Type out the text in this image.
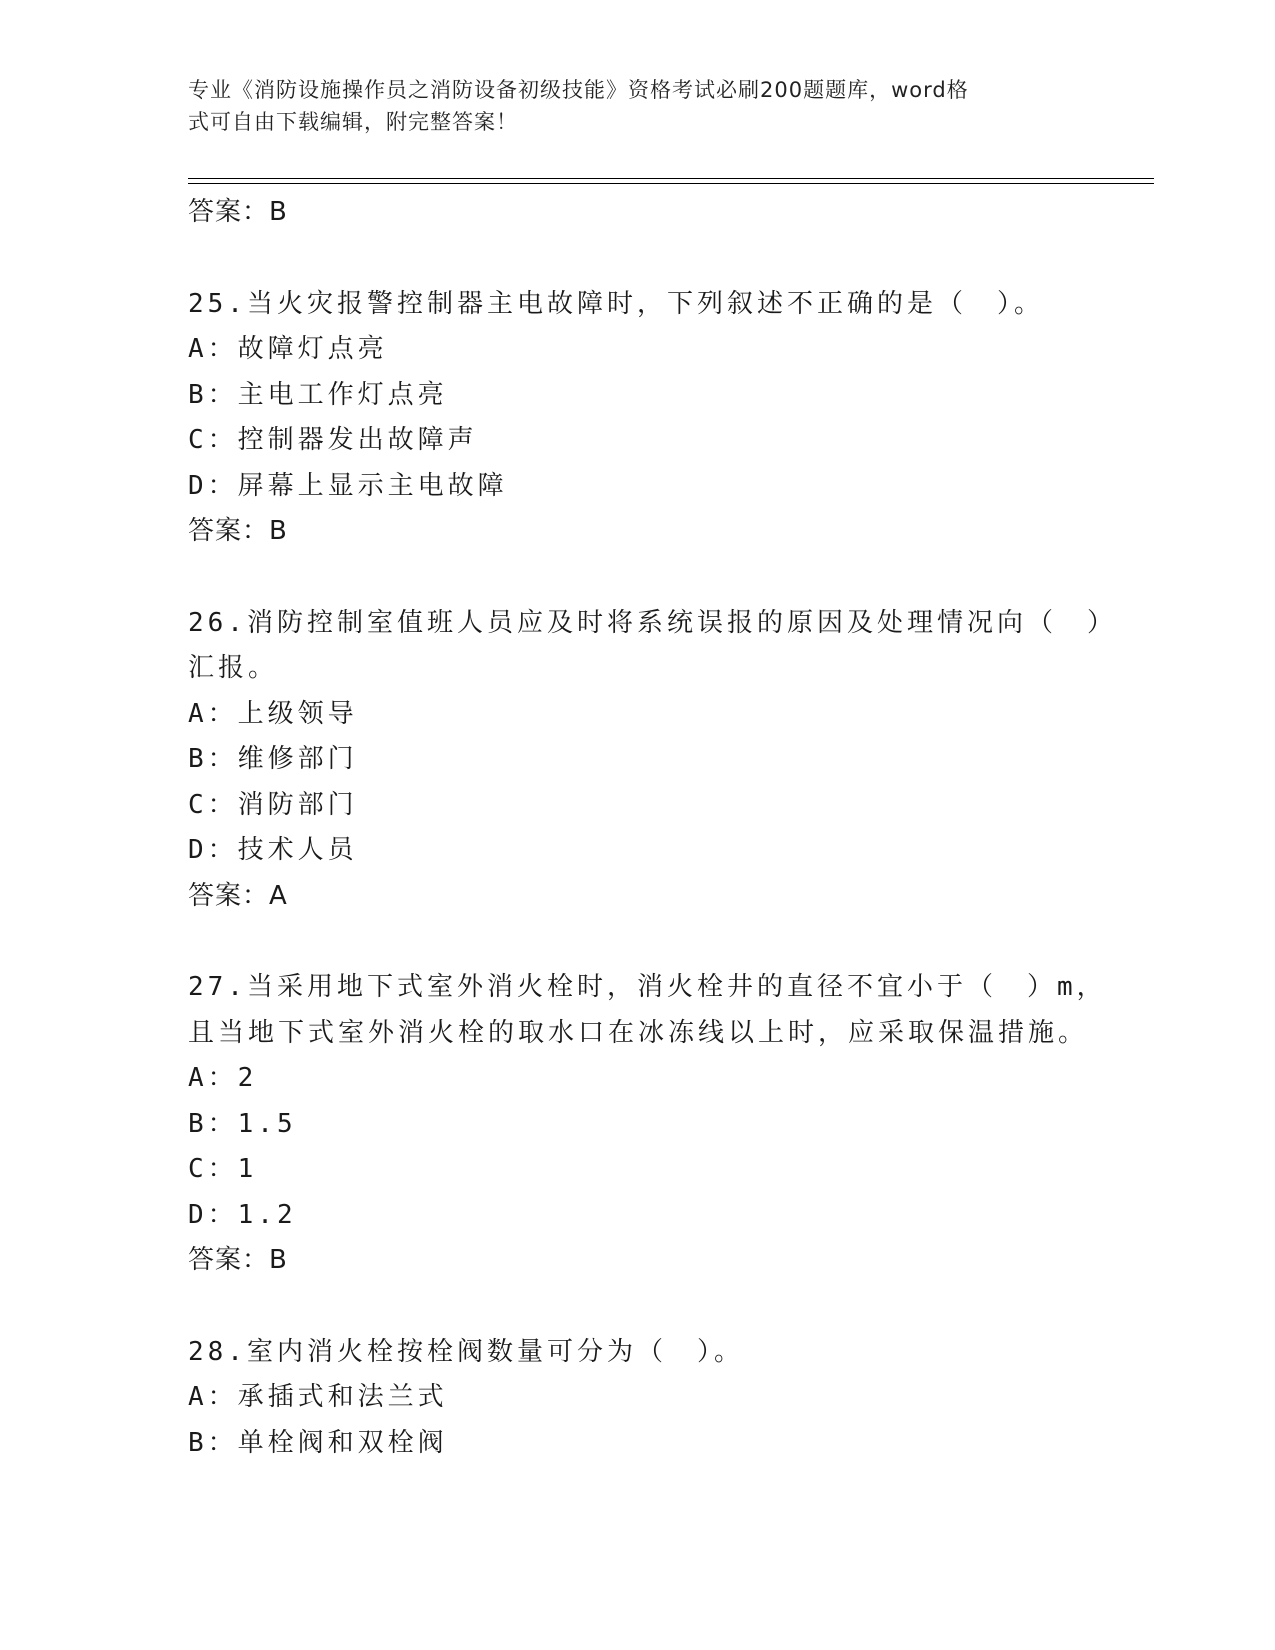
专业《消防设施操作员之消防设备初级技能》资格考试必刷200题题库，word格
式可自由下载编辑，附完整答案！
答案：B
25.当火灾报警控制器主电故障时，下列叙述不正确的是（　）。
A：故障灯点亮
B：主电工作灯点亮
C：控制器发出故障声
D：屏幕上显示主电故障
答案：B
26.消防控制室值班人员应及时将系统误报的原因及处理情况向（　）
汇报。
A：上级领导
B：维修部门
C：消防部门
D：技术人员
答案：A
27.当采用地下式室外消火栓时，消火栓井的直径不宜小于（　）m，
且当地下式室外消火栓的取水口在冰冻线以上时，应采取保温措施。
A：2
B：1.5
C：1
D：1.2
答案：B
28.室内消火栓按栓阀数量可分为（　）。
A：承插式和法兰式
B：单栓阀和双栓阀
